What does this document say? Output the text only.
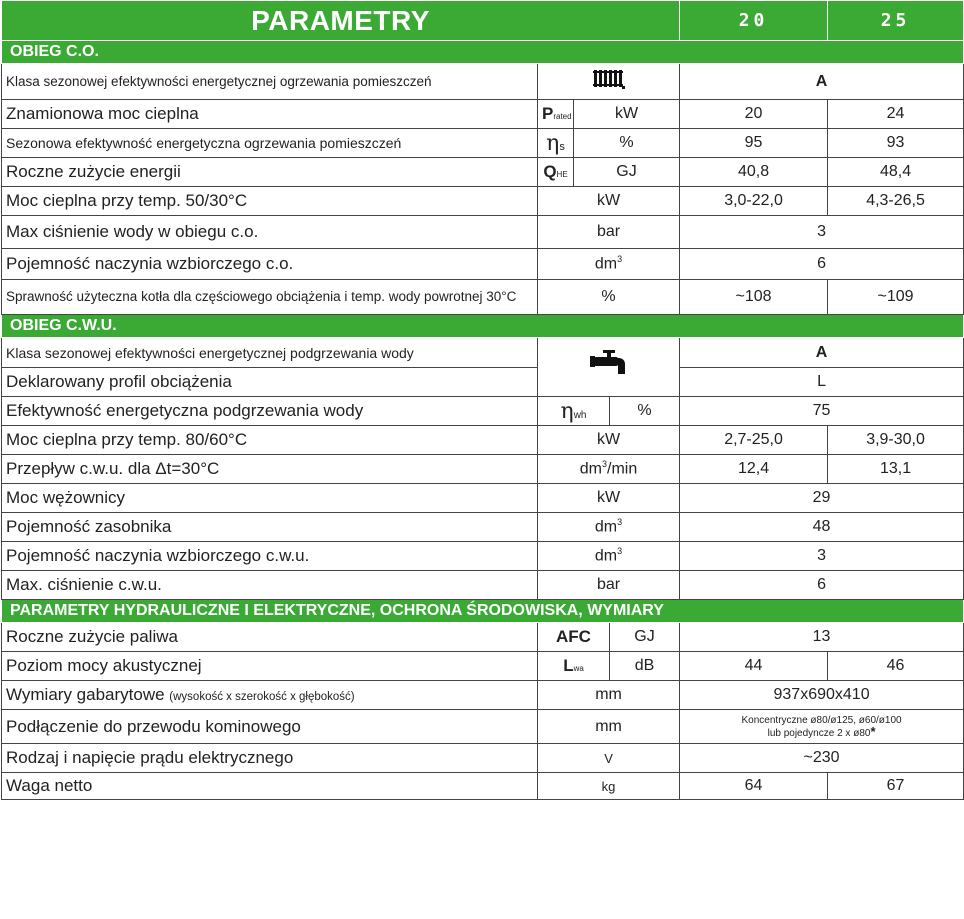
PARAMETRY				20	25
OBIEG C.O.					
Klasa sezonowej efektywności energetycznej ogrzewania pomieszczeń				A	
Znamionowa moc cieplna	Prated	kW		20	24
Sezonowa efektywność energetyczna ogrzewania pomieszczeń	ηs	%		95	93
Roczne zużycie energii	QHE	GJ		40,8	48,4
Moc cieplna przy temp. 50/30°C	kW			3,0-22,0	4,3-26,5
Max ciśnienie wody w obiegu c.o.	bar			3	
Pojemność naczynia wzbiorczego c.o.	$dm^3$			6	
Sprawność użyteczna kotła dla częściowego obciążenia i temp. wody powrotnej 30°C	%			~108	~109
OBIEG C.W.U.					
Klasa sezonowej efektywności energetycznej podgrzewania wody				A	
Deklarowany profil obciążenia				L	
Efektywność energetyczna podgrzewania wody	ηwh		%	75	
Moc cieplna przy temp. 80/60°C	kW			2,7-25,0	3,9-30,0
Przepływ c.w.u. dla Δt=30°C	$dm^3/\min$			12,4	13,1
Moc wężownicy	kW			29	
Pojemność zasobnika	$dm^3$			48	
Pojemność naczynia wzbiorczego c.w.u.	$dm^3$			3	
Max. ciśnienie c.w.u.	bar			6	
PARAMETRY HYDRAULICZNE I ELEKTRYCZNE, OCHRONA ŚRODOWISKA, WYMIARY					
Roczne zużycie paliwa	AFC		GJ	13	
Poziom mocy akustycznej	Lwa		dB	44	46
Wymiary gabarytowe (wysokość x szerokość x głębokość)	mm			937x690x410	
Podłączenie do przewodu kominowego	mm			Koncentryczne ø80/ø125, ø60/ø100
lub pojedyncze 2 x ø80*	

Rodzaj i napięcie prądu elektrycznego	V			~230	
Waga netto	kg			64	67
